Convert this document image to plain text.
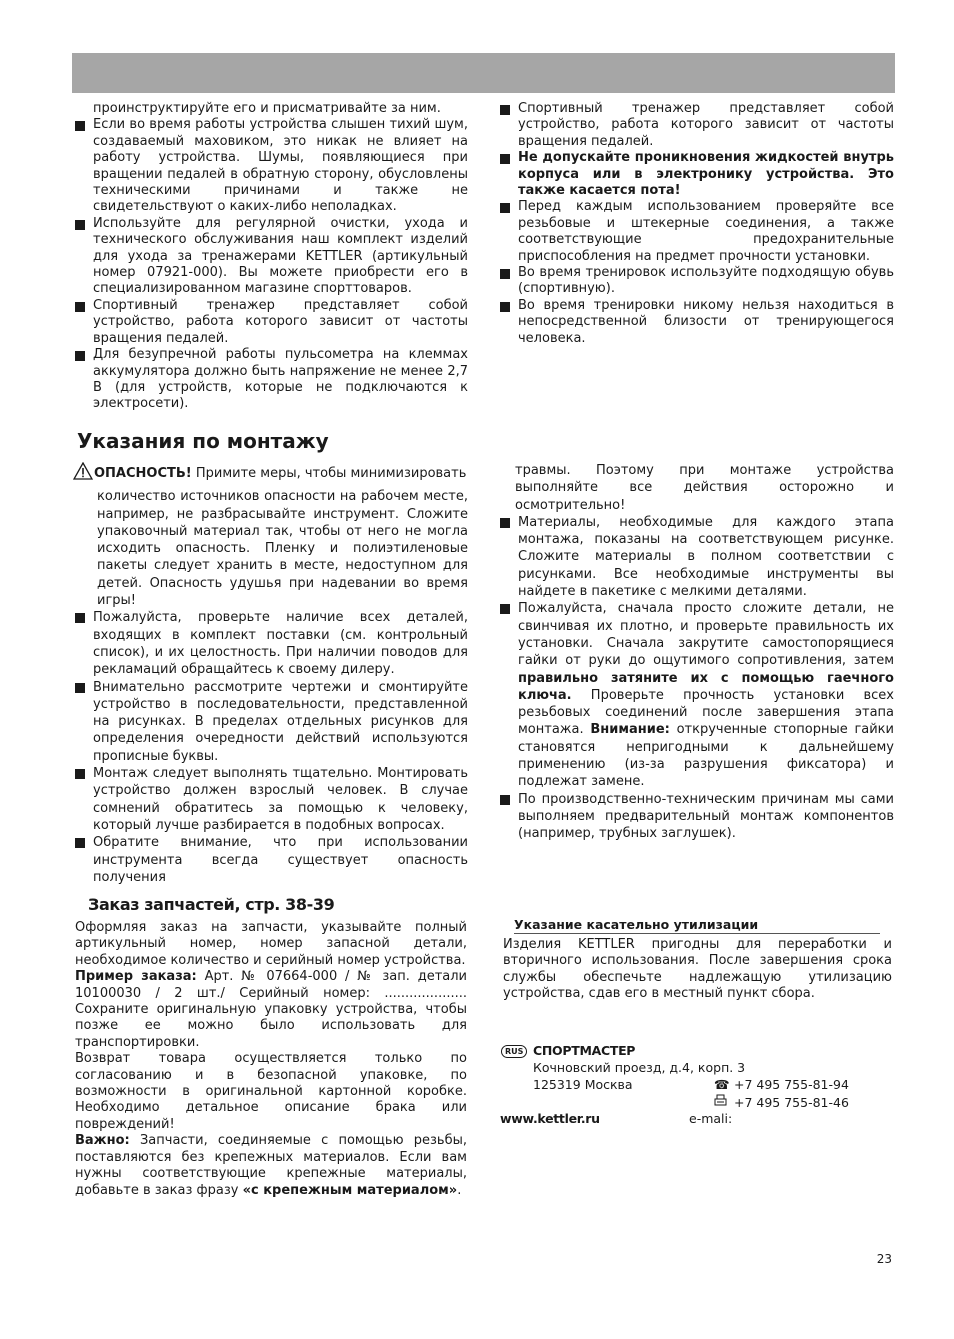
проинструктируйте его и присматривайте за ним.

Если во время работы устройства слышен тихий шум, создаваемый маховиком, это никак не влияет на работу устройства. Шумы, появляющиеся при вращении педалей в обратную сторону, обусловлены техническими причинами и также не свидетельствуют о каких-либо неполадках.

Используйте для регулярной очистки, ухода и технического обслуживания наш комплект изделий для ухода за тренажерами KETTLER (артикульный номер 07921-000). Вы можете приобрести его в специализированном магазине спорттоваров.

Спортивный тренажер представляет собой устройство, работа которого зависит от частоты вращения педалей.

Для безупречной работы пульсометра на клеммах аккумулятора должно быть напряжение не менее 2,7 В (для устройств, которые не подключаются к электросети).

Спортивный тренажер представляет собой устройство, работа которого зависит от частоты вращения педалей.

Не допускайте проникновения жидкостей внутрь корпуса или в электронику устройства. Это также касается пота!

Перед каждым использованием проверяйте все резьбовые и штекерные соединения, а также соответствующие предохранительные приспособления на предмет прочности установки.

Во время тренировок используйте подходящую обувь (спортивную).

Во время тренировки никому нельзя находиться в непосредственной близости от тренирующегося человека.

Указания по монтажу

ОПАСНОСТЬ! Примите меры, чтобы минимизировать

количество источников опасности на рабочем месте, например, не разбрасывайте инструмент. Сложите упаковочный материал так, чтобы от него не могла исходить опасность. Пленку и полиэтиленовые пакеты следует хранить в месте, недоступном для детей. Опасность удушья при надевании во время игры!

Пожалуйста, проверьте наличие всех деталей, входящих в комплект поставки (см. контрольный список), и их целостность. При наличии поводов для рекламаций обращайтесь к своему дилеру.

Внимательно рассмотрите чертежи и смонтируйте устройство в последовательности, представленной на рисунках. В пределах отдельных рисунков для определения очередности действий используются прописные буквы.

Монтаж следует выполнять тщательно. Монтировать устройство должен взрослый человек. В случае сомнений обратитесь за помощью к человеку, который лучше разбирается в подобных вопросах.

Обратите внимание, что при использовании инструмента всегда существует опасность получения

травмы. Поэтому при монтаже устройства выполняйте все действия осторожно и осмотрительно!

Материалы, необходимые для каждого этапа монтажа, показаны на соответствующем рисунке. Сложите материалы в полном соответствии с рисунками. Все необходимые инструменты вы найдете в пакетике с мелкими деталями.

Пожалуйста, сначала просто сложите детали, не свинчивая их плотно, и проверьте правильность их установки. Сначала закрутите самостопорящиеся гайки от руки до ощутимого сопротивления, затем правильно затяните их с помощью гаечного ключа. Проверьте прочность установки всех резьбовых соединений после завершения этапа монтажа. Внимание: открученные стопорные гайки становятся непригодными к дальнейшему применению (из-за разрушения фиксатора) и подлежат замене.

По производственно-техническим причинам мы сами выполняем предварительный монтаж компонентов (например, трубных заглушек).

Заказ запчастей, стр. 38-39

Оформляя заказ на запчасти, указывайте полный артикульный номер, номер запасной детали, необходимое количество и серийный номер устройства.

Пример заказа: Арт. № 07664-000 / № зап. детали 10100030 / 2 шт./ Серийный номер: .................... Сохраните оригинальную упаковку устройства, чтобы позже ее можно было использовать для транспортировки.

Возврат товара осуществляется только по согласованию и в безопасной упаковке, по возможности в оригинальной картонной коробке. Необходимо детальное описание брака или повреждений!

Важно: Запчасти, соединяемые с помощью резьбы, поставляются без крепежных материалов. Если вам нужны соответствующие крепежные материалы, добавьте в заказ фразу «с крепежным материалом».

Указание касательно утилизации

Изделия KETTLER пригодны для переработки и вторичного использования. После завершения срока службы обеспечьте надлежащую утилизацию устройства, сдав его в местный пункт сбора.

RUS СПОРТМАСТЕР
Кочновский проезд, д.4, корп. 3
125319 Москва	☎ +7 495 755-81-94
+7 495 755-81-46
www.kettler.ru	e-mali:
23
